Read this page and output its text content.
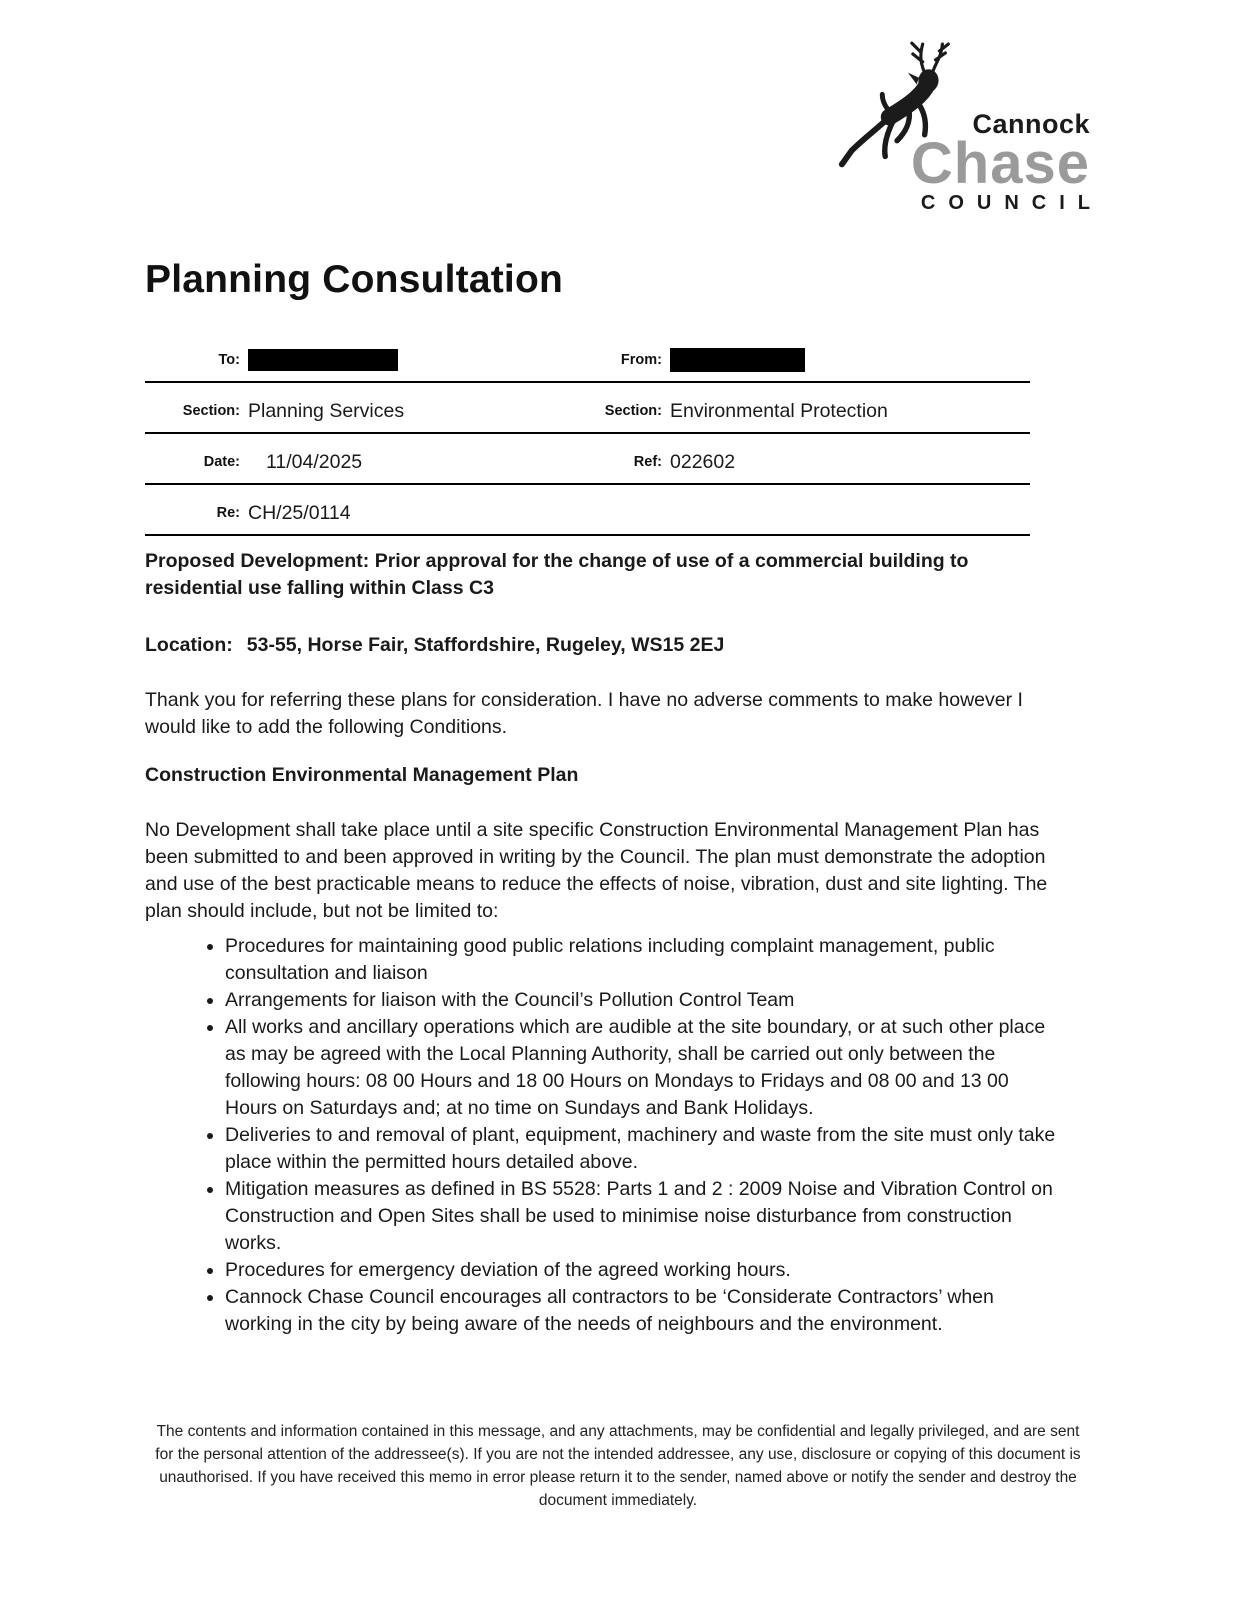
Cannock
Chase
COUNCIL
Planning Consultation
To:	From:
Section: Planning Services	Section: Environmental Protection
Date: 11/04/2025	Ref: 022602
Re: CH/25/0114

Proposed Development: Prior approval for the change of use of a commercial building to residential use falling within Class C3

Location: 53-55, Horse Fair, Staffordshire, Rugeley, WS15 2EJ

Thank you for referring these plans for consideration. I have no adverse comments to make however I would like to add the following Conditions.

Construction Environmental Management Plan

No Development shall take place until a site specific Construction Environmental Management Plan has been submitted to and been approved in writing by the Council. The plan must demonstrate the adoption and use of the best practicable means to reduce the effects of noise, vibration, dust and site lighting. The plan should include, but not be limited to:

• Procedures for maintaining good public relations including complaint management, public consultation and liaison
• Arrangements for liaison with the Council’s Pollution Control Team
• All works and ancillary operations which are audible at the site boundary, or at such other place as may be agreed with the Local Planning Authority, shall be carried out only between the following hours: 08 00 Hours and 18 00 Hours on Mondays to Fridays and 08 00 and 13 00 Hours on Saturdays and; at no time on Sundays and Bank Holidays.
• Deliveries to and removal of plant, equipment, machinery and waste from the site must only take place within the permitted hours detailed above.
• Mitigation measures as defined in BS 5528: Parts 1 and 2 : 2009 Noise and Vibration Control on Construction and Open Sites shall be used to minimise noise disturbance from construction works.
• Procedures for emergency deviation of the agreed working hours.
• Cannock Chase Council encourages all contractors to be ‘Considerate Contractors’ when working in the city by being aware of the needs of neighbours and the environment.
The contents and information contained in this message, and any attachments, may be confidential and legally privileged, and are sent for the personal attention of the addressee(s). If you are not the intended addressee, any use, disclosure or copying of this document is unauthorised. If you have received this memo in error please return it to the sender, named above or notify the sender and destroy the document immediately.
